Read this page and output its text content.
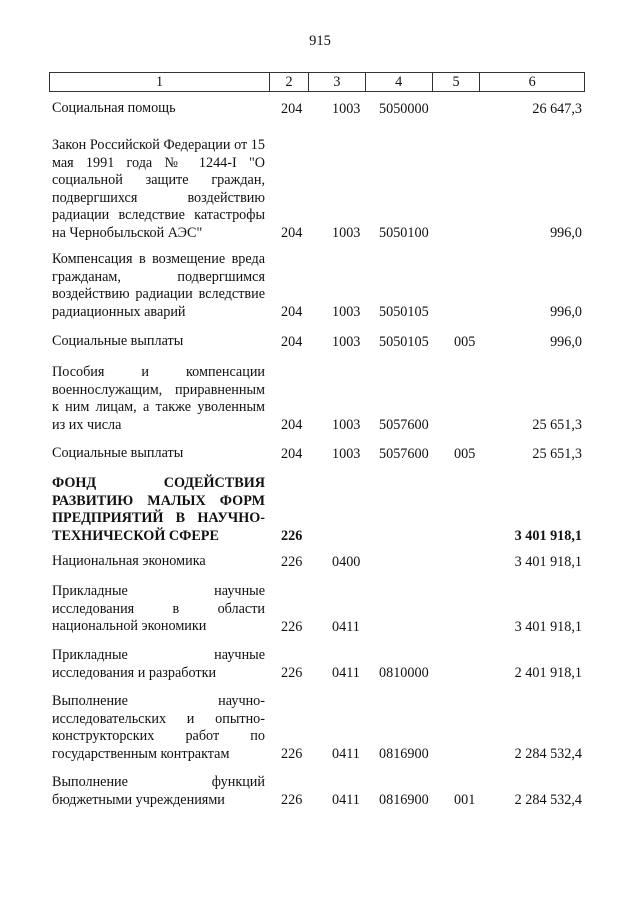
915
1	2	3	4	5	6
Социальная помощь	204 1003 5050000	26 647,3
Закон Российской Федерации от 15 мая 1991 года № 1244-I "О социальной защите граждан, подвергшихся воздействию радиации вследствие катастрофы на Чернобыльской АЭС"	204 1003 5050100	996,0
Компенсация в возмещение вреда гражданам, подвергшимся воздействию радиации вследствие радиационных аварий	204 1003 5050105	996,0
Социальные выплаты	204 1003 5050105 005	996,0
Пособия и компенсации военнослужащим, приравненным к ним лицам, а также уволенным из их числа	204 1003 5057600	25 651,3
Социальные выплаты	204 1003 5057600 005	25 651,3
ФОНД СОДЕЙСТВИЯ РАЗВИТИЮ МАЛЫХ ФОРМ ПРЕДПРИЯТИЙ В НАУЧНО-ТЕХНИЧЕСКОЙ СФЕРЕ	226	3 401 918,1
Национальная экономика	226 0400	3 401 918,1
Прикладные научные исследования в области национальной экономики	226 0411	3 401 918,1
Прикладные научные исследования и разработки	226 0411 0810000	2 401 918,1
Выполнение научно-исследовательских и опытно-конструкторских работ по государственным контрактам	226 0411 0816900	2 284 532,4
Выполнение функций бюджетными учреждениями	226 0411 0816900 001	2 284 532,4
